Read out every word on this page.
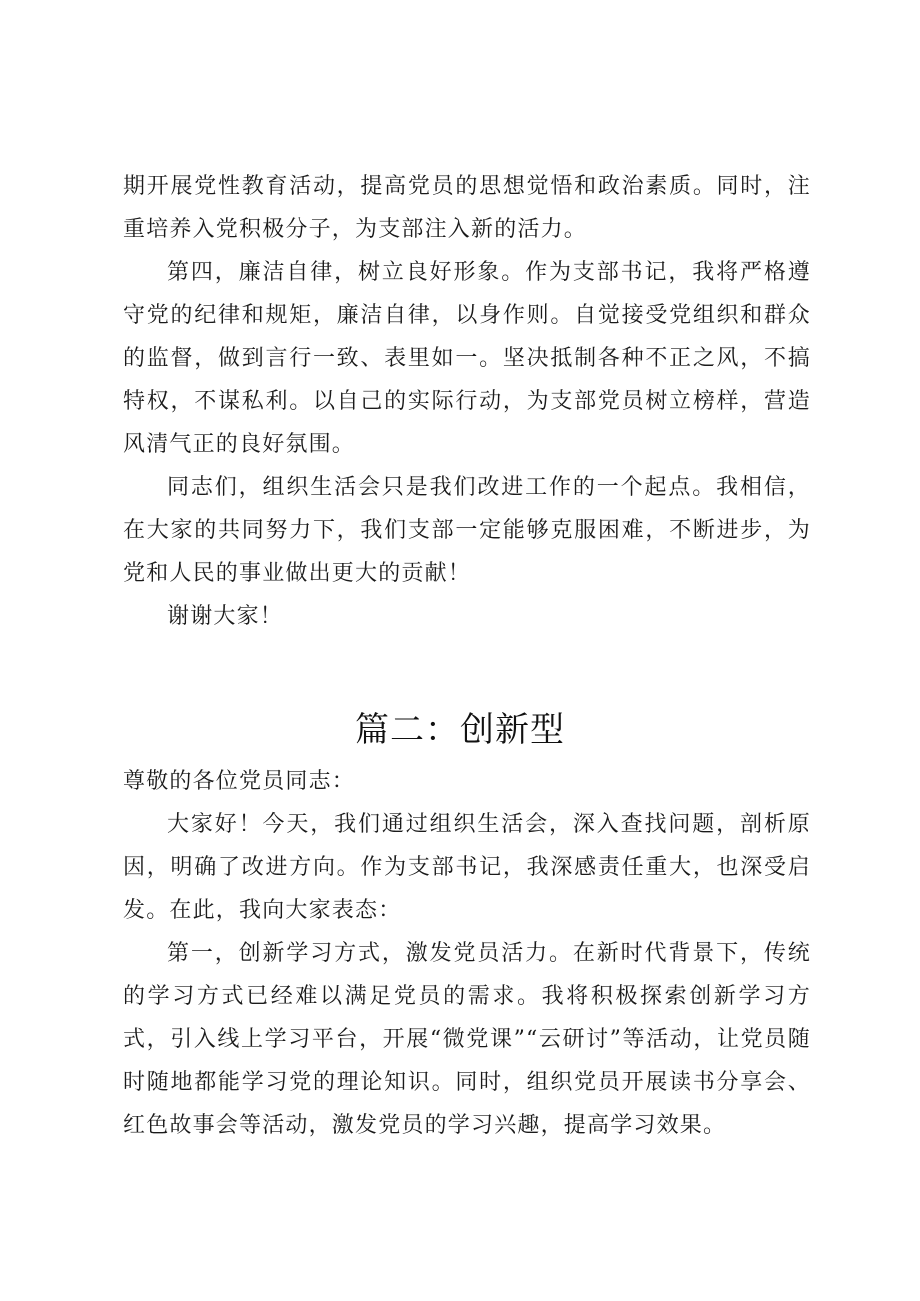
期开展党性教育活动，提高党员的思想觉悟和政治素质。同时，注重培养入党积极分子，为支部注入新的活力。

第四，廉洁自律，树立良好形象。作为支部书记，我将严格遵守党的纪律和规矩，廉洁自律，以身作则。自觉接受党组织和群众的监督，做到言行一致、表里如一。坚决抵制各种不正之风，不搞特权，不谋私利。以自己的实际行动，为支部党员树立榜样，营造风清气正的良好氛围。

同志们，组织生活会只是我们改进工作的一个起点。我相信，在大家的共同努力下，我们支部一定能够克服困难，不断进步，为党和人民的事业做出更大的贡献！

谢谢大家！

篇二：创新型

尊敬的各位党员同志：

大家好！今天，我们通过组织生活会，深入查找问题，剖析原因，明确了改进方向。作为支部书记，我深感责任重大，也深受启发。在此，我向大家表态：

第一，创新学习方式，激发党员活力。在新时代背景下，传统的学习方式已经难以满足党员的需求。我将积极探索创新学习方式，引入线上学习平台，开展“微党课”“云研讨”等活动，让党员随时随地都能学习党的理论知识。同时，组织党员开展读书分享会、红色故事会等活动，激发党员的学习兴趣，提高学习效果。
